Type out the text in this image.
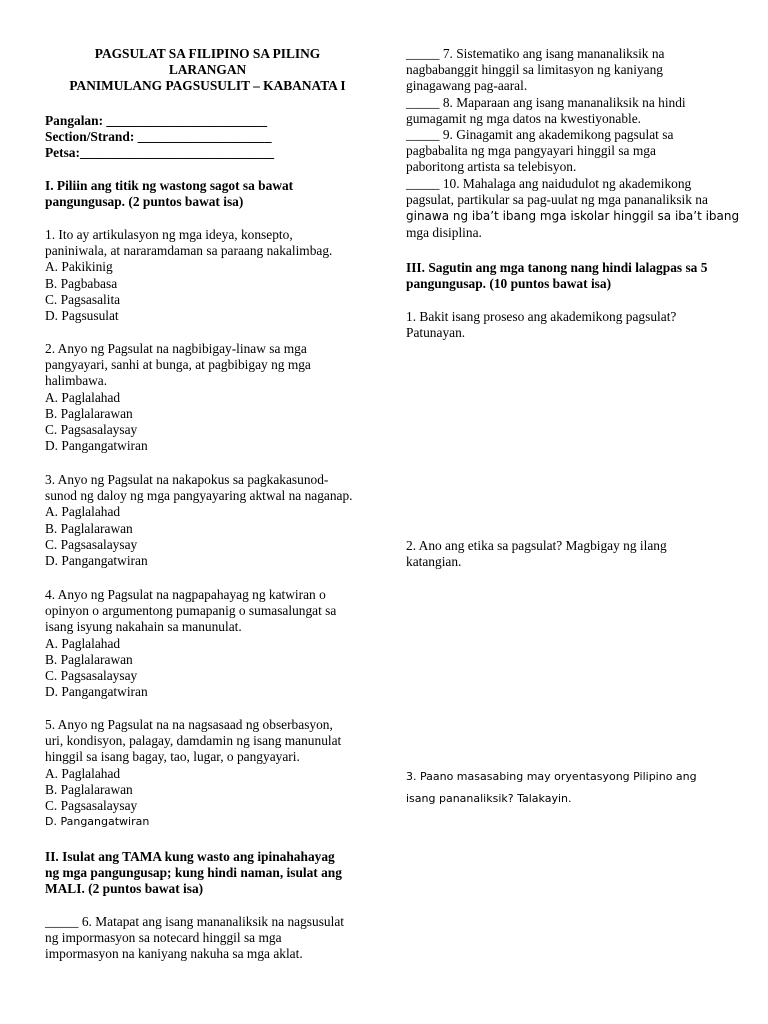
PAGSULAT SA FILIPINO SA PILING
LARANGAN
PANIMULANG PAGSUSULIT – KABANATA I
Pangalan: ________________________
Section/Strand: ____________________
Petsa:_____________________________
I. Piliin ang titik ng wastong sagot sa bawat
pangungusap. (2 puntos bawat isa)
1. Ito ay artikulasyon ng mga ideya, konsepto,
paniniwala, at nararamdaman sa paraang nakalimbag.
A. Pakikinig
B. Pagbabasa
C. Pagsasalita
D. Pagsusulat
2. Anyo ng Pagsulat na nagbibigay-linaw sa mga
pangyayari, sanhi at bunga, at pagbibigay ng mga
halimbawa.
A. Paglalahad
B. Paglalarawan
C. Pagsasalaysay
D. Pangangatwiran
3. Anyo ng Pagsulat na nakapokus sa pagkakasunod-
sunod ng daloy ng mga pangyayaring aktwal na naganap.
A. Paglalahad
B. Paglalarawan
C. Pagsasalaysay
D. Pangangatwiran
4. Anyo ng Pagsulat na nagpapahayag ng katwiran o
opinyon o argumentong pumapanig o sumasalungat sa
isang isyung nakahain sa manunulat.
A. Paglalahad
B. Paglalarawan
C. Pagsasalaysay
D. Pangangatwiran
5. Anyo ng Pagsulat na na nagsasaad ng obserbasyon,
uri, kondisyon, palagay, damdamin ng isang manunulat
hinggil sa isang bagay, tao, lugar, o pangyayari.
A. Paglalahad
B. Paglalarawan
C. Pagsasalaysay
D. Pangangatwiran
II. Isulat ang TAMA kung wasto ang ipinahahayag
ng mga pangungusap; kung hindi naman, isulat ang
MALI. (2 puntos bawat isa)
_____ 6. Matapat ang isang mananaliksik na nagsusulat
ng impormasyon sa notecard hinggil sa mga
impormasyon na kaniyang nakuha sa mga aklat.
_____ 7. Sistematiko ang isang mananaliksik na
nagbabanggit hinggil sa limitasyon ng kaniyang
ginagawang pag-aaral.
_____ 8. Maparaan ang isang mananaliksik na hindi
gumagamit ng mga datos na kwestiyonable.
_____ 9. Ginagamit ang akademikong pagsulat sa
pagbabalita ng mga pangyayari hinggil sa mga
paboritong artista sa telebisyon.
_____ 10. Mahalaga ang naidudulot ng akademikong
pagsulat, partikular sa pag-uulat ng mga pananaliksik na
ginawa ng iba’t ibang mga iskolar hinggil sa iba’t ibang
mga disiplina.
III. Sagutin ang mga tanong nang hindi lalagpas sa 5
pangungusap. (10 puntos bawat isa)
1. Bakit isang proseso ang akademikong pagsulat?
Patunayan.
2. Ano ang etika sa pagsulat? Magbigay ng ilang
katangian.
3. Paano masasabing may oryentasyong Pilipino ang
isang pananaliksik? Talakayin.
